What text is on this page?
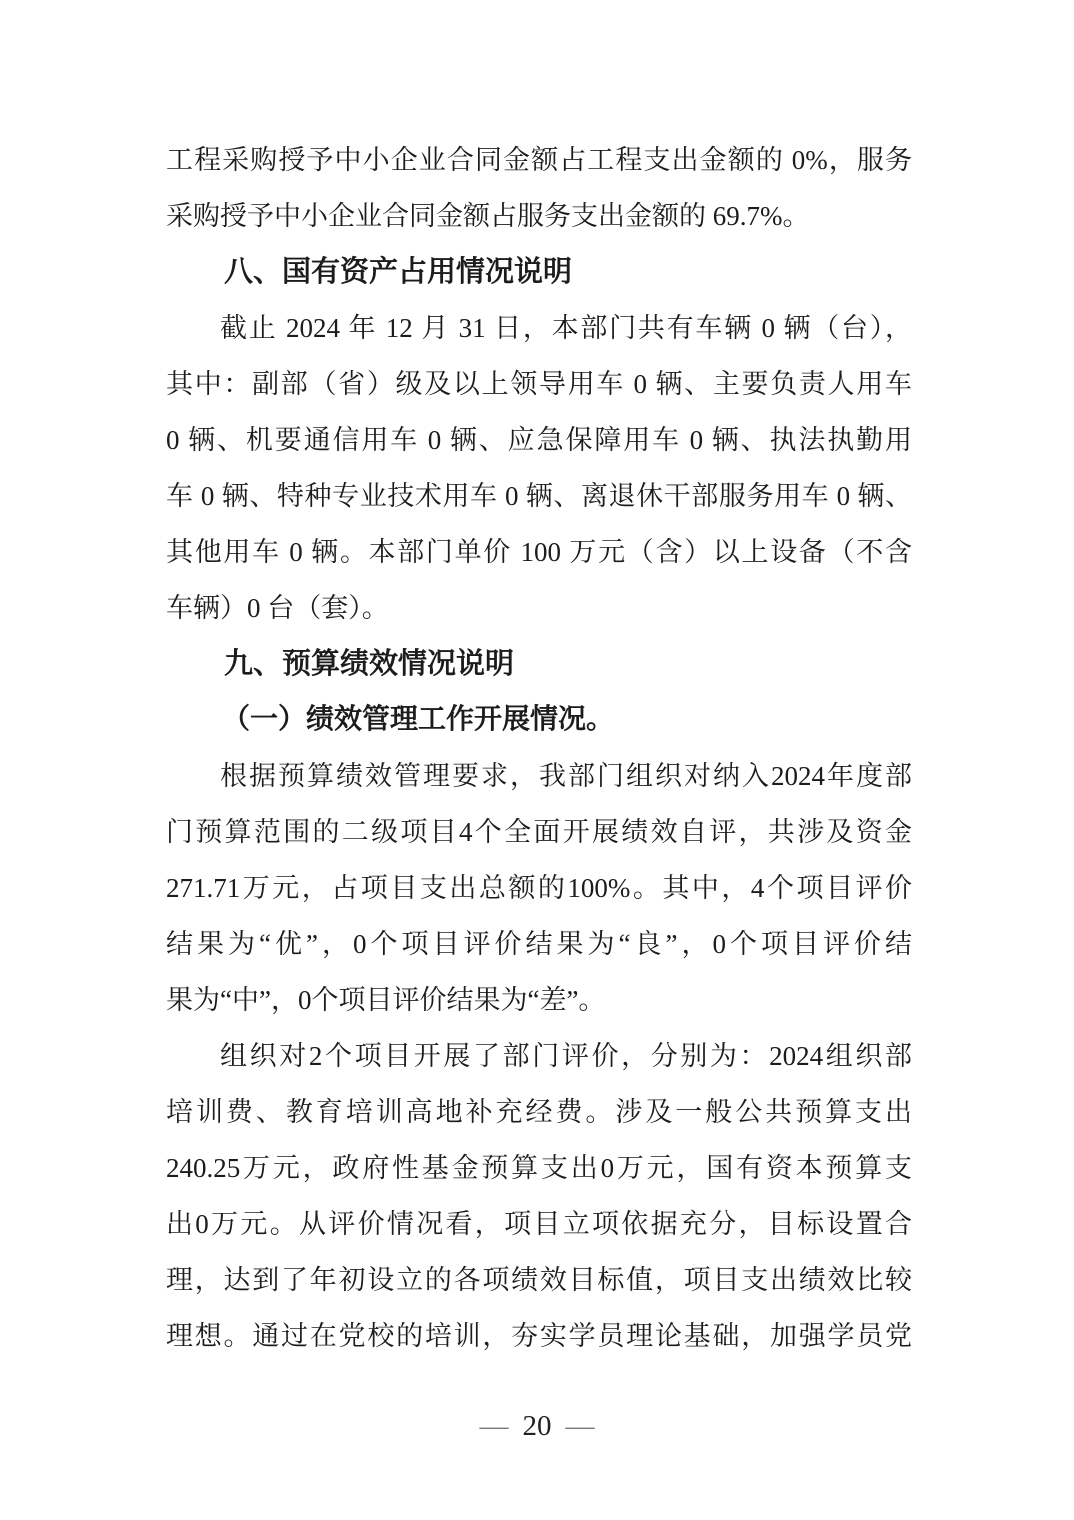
工程采购授予中小企业合同金额占工程支出金额的 0%，服务
采购授予中小企业合同金额占服务支出金额的 69.7%。
八、国有资产占用情况说明
截止 2024 年 12 月 31 日，本部门共有车辆 0 辆（台），
其中：副部（省）级及以上领导用车 0 辆、主要负责人用车
0 辆、机要通信用车 0 辆、应急保障用车 0 辆、执法执勤用
车 0 辆、特种专业技术用车 0 辆、离退休干部服务用车 0 辆、
其他用车 0 辆。本部门单价 100 万元（含）以上设备（不含
车辆）0 台（套）。
九、预算绩效情况说明
（一）绩效管理工作开展情况。
根据预算绩效管理要求，我部门组织对纳入2024年度部
门预算范围的二级项目4个全面开展绩效自评，共涉及资金
271.71万元，占项目支出总额的100%。其中，4个项目评价
结果为“优”，0个项目评价结果为“良”，0个项目评价结
果为“中”，0个项目评价结果为“差”。
组织对2个项目开展了部门评价，分别为：2024组织部
培训费、教育培训高地补充经费。涉及一般公共预算支出
240.25万元，政府性基金预算支出0万元，国有资本预算支
出0万元。从评价情况看，项目立项依据充分，目标设置合
理，达到了年初设立的各项绩效目标值，项目支出绩效比较
理想。通过在党校的培训，夯实学员理论基础，加强学员党
— 20 —
